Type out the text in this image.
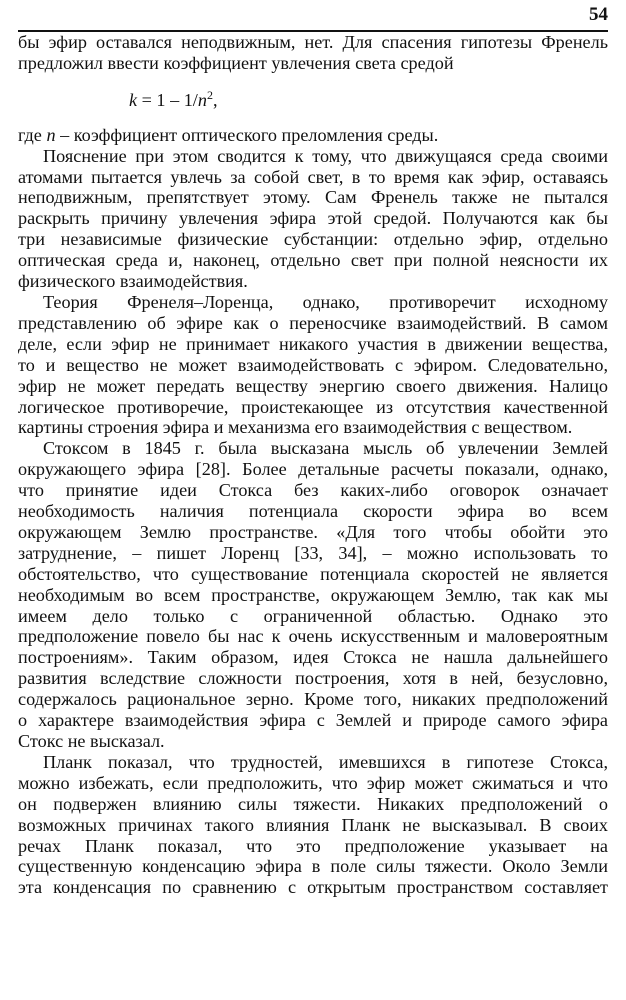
54

бы эфир оставался неподвижным, нет. Для спасения гипотезы Френель

предложил ввести коэффициент увлечения света средой

$k = 1 - 1/n^2$,

где n – коэффициент оптического преломления среды.

Пояснение при этом сводится к тому, что движущаяся среда своими

атомами пытается увлечь за собой свет, в то время как эфир, оставаясь

неподвижным, препятствует этому. Сам Френель также не пытался

раскрыть причину увлечения эфира этой средой. Получаются как бы

три независимые физические субстанции: отдельно эфир, отдельно

оптическая среда и, наконец, отдельно свет при полной неясности их

физического взаимодействия.

Теория Френеля–Лоренца, однако, противоречит исходному

представлению об эфире как о переносчике взаимодействий. В самом

деле, если эфир не принимает никакого участия в движении вещества,

то и вещество не может взаимодействовать с эфиром. Следовательно,

эфир не может передать веществу энергию своего движения. Налицо

логическое противоречие, проистекающее из отсутствия качественной

картины строения эфира и механизма его взаимодействия с веществом.

Стоксом в 1845 г. была высказана мысль об увлечении Землей

окружающего эфира [28]. Более детальные расчеты показали, однако,

что принятие идеи Стокса без каких-либо оговорок означает

необходимость наличия потенциала скорости эфира во всем

окружающем Землю пространстве. «Для того чтобы обойти это

затруднение, – пишет Лоренц [33, 34], – можно использовать то

обстоятельство, что существование потенциала скоростей не является

необходимым во всем пространстве, окружающем Землю, так как мы

имеем дело только с ограниченной областью. Однако это

предположение повело бы нас к очень искусственным и маловероятным

построениям». Таким образом, идея Стокса не нашла дальнейшего

развития вследствие сложности построения, хотя в ней, безусловно,

содержалось рациональное зерно. Кроме того, никаких предположений

о характере взаимодействия эфира с Землей и природе самого эфира

Стокс не высказал.

Планк показал, что трудностей, имевшихся в гипотезе Стокса,

можно избежать, если предположить, что эфир может сжиматься и что

он подвержен влиянию силы тяжести. Никаких предположений о

возможных причинах такого влияния Планк не высказывал. В своих

речах Планк показал, что это предположение указывает на

существенную конденсацию эфира в поле силы тяжести. Около Земли

эта конденсация по сравнению с открытым пространством составляет
